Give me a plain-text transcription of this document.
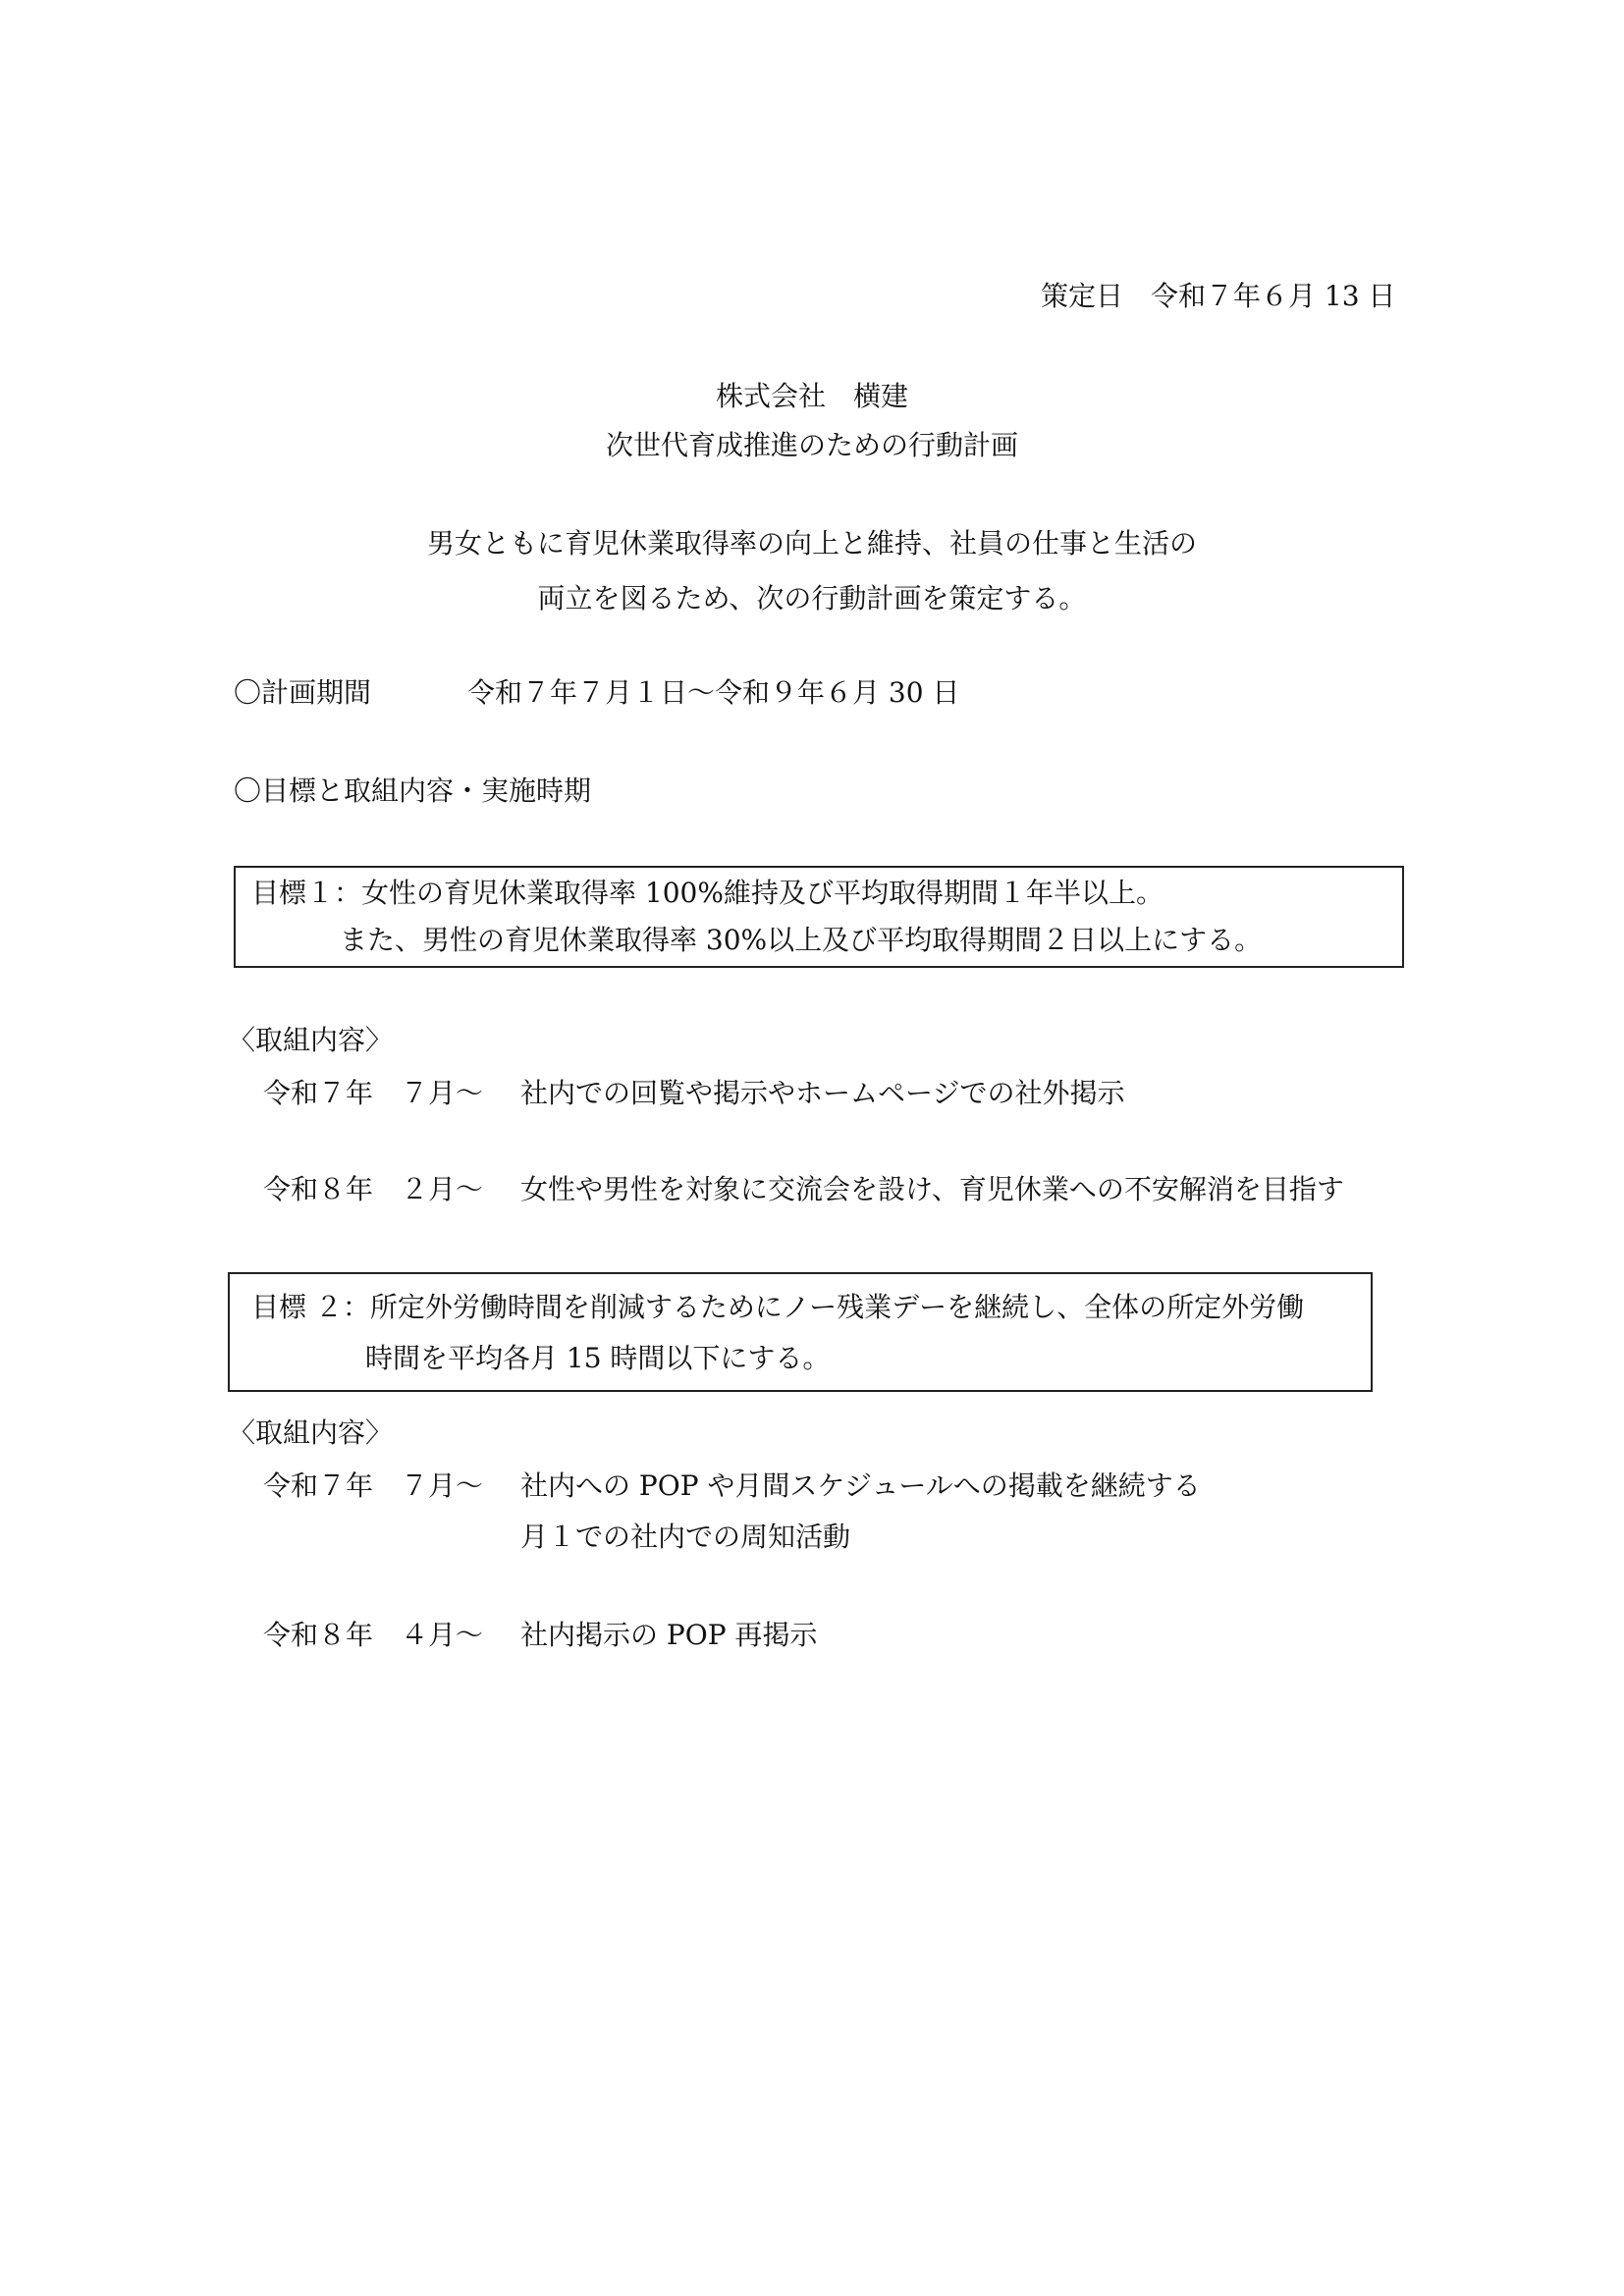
策定日　令和７年６月 13 日
株式会社　横建
次世代育成推進のための行動計画
男女ともに育児休業取得率の向上と維持、社員の仕事と生活の
両立を図るため、次の行動計画を策定する。
〇計画期間	令和７年７月１日～令和９年６月 30 日
〇目標と取組内容・実施時期
目標１：女性の育児休業取得率 100%維持及び平均取得期間１年半以上。
また、男性の育児休業取得率 30%以上及び平均取得期間２日以上にする。
〈取組内容〉
令和７年　７月～ 社内での回覧や掲示やホームページでの社外掲示
令和８年　２月～ 女性や男性を対象に交流会を設け、育児休業への不安解消を目指す
目標 ２：所定外労働時間を削減するためにノー残業デーを継続し、全体の所定外労働
時間を平均各月 15 時間以下にする。
〈取組内容〉
令和７年　７月～ 社内への POP や月間スケジュールへの掲載を継続する
月１での社内での周知活動
令和８年　４月～ 社内掲示の POP 再掲示
